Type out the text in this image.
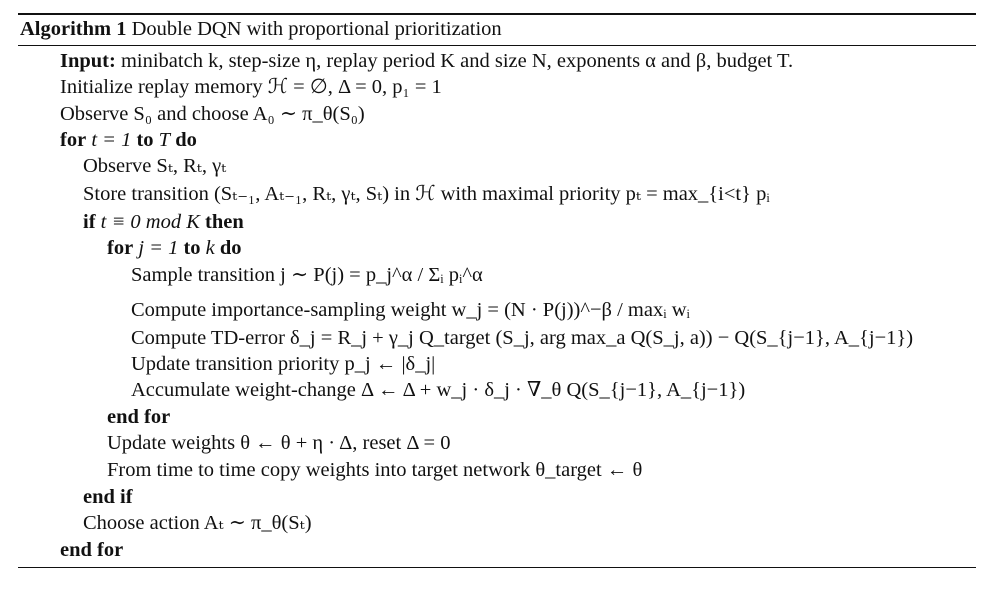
Algorithm 1 Double DQN with proportional prioritization
Input: minibatch k, step-size η, replay period K and size N, exponents α and β, budget T.
Initialize replay memory ℋ = ∅, Δ = 0, p₁ = 1
Observe S₀ and choose A₀ ∼ π_θ(S₀)
for t = 1 to T do
Observe Sₜ, Rₜ, γₜ
Store transition (Sₜ₋₁, Aₜ₋₁, Rₜ, γₜ, Sₜ) in ℋ with maximal priority pₜ = max_{i<t} pᵢ
if t ≡ 0 mod K then
for j = 1 to k do
Sample transition j ∼ P(j) = p_j^α / Σᵢ pᵢ^α
Compute importance-sampling weight w_j = (N · P(j))^−β / maxᵢ wᵢ
Compute TD-error δ_j = R_j + γ_j Q_target (S_j, arg max_a Q(S_j, a)) − Q(S_{j−1}, A_{j−1})
Update transition priority p_j ← |δ_j|
Accumulate weight-change Δ ← Δ + w_j · δ_j · ∇_θ Q(S_{j−1}, A_{j−1})
end for
Update weights θ ← θ + η · Δ, reset Δ = 0
From time to time copy weights into target network θ_target ← θ
end if
Choose action Aₜ ∼ π_θ(Sₜ)
end for
